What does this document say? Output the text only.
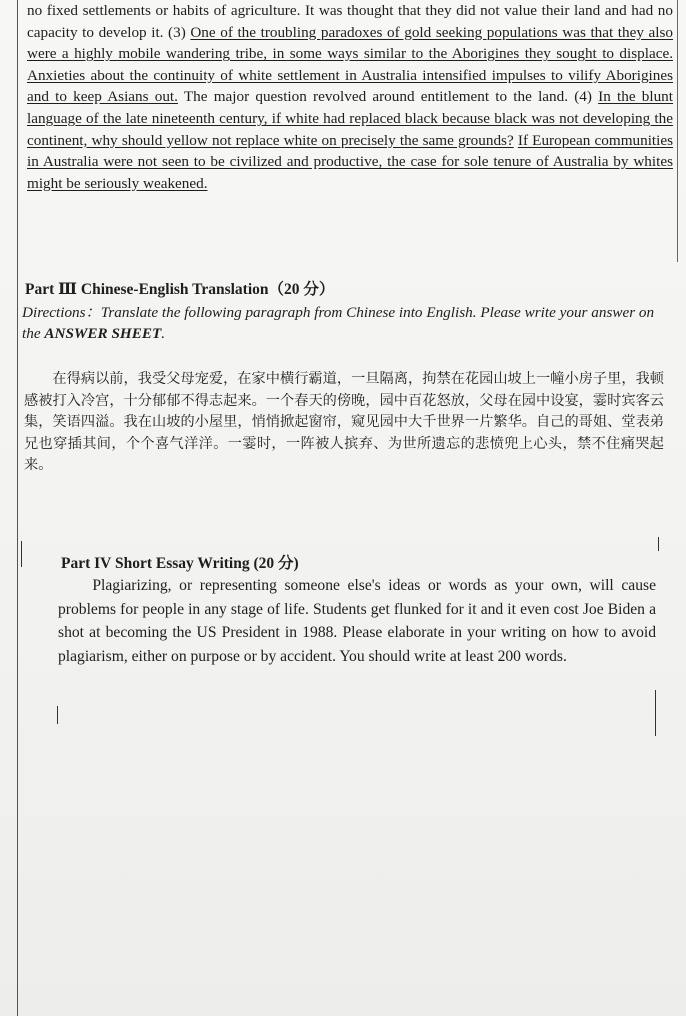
no fixed settlements or habits of agriculture. It was thought that they did not value their land and had no capacity to develop it. (3) One of the troubling paradoxes of gold seeking populations was that they also were a highly mobile wandering tribe, in some ways similar to the Aborigines they sought to displace. Anxieties about the continuity of white settlement in Australia intensified impulses to vilify Aborigines and to keep Asians out. The major question revolved around entitlement to the land. (4) In the blunt language of the late nineteenth century, if white had replaced black because black was not developing the continent, why should yellow not replace white on precisely the same grounds? If European communities in Australia were not seen to be civilized and productive, the case for sole tenure of Australia by whites might be seriously weakened.

Part Ⅲ Chinese-English Translation（20 分）

Directions：Translate the following paragraph from Chinese into English. Please write your answer on the ANSWER SHEET.

在得病以前，我受父母宠爱，在家中横行霸道，一旦隔离，拘禁在花园山坡上一幢小房子里，我顿感被打入冷宫，十分郁郁不得志起来。一个春天的傍晚，园中百花怒放，父母在园中设宴，霎时宾客云集，笑语四溢。我在山坡的小屋里，悄悄掀起窗帘，窥见园中大千世界一片繁华。自己的哥姐、堂表弟兄也穿插其间，个个喜气洋洋。一霎时，一阵被人摈弃、为世所遗忘的悲愤兜上心头，禁不住痛哭起来。

Part IV Short Essay Writing (20 分)

Plagiarizing, or representing someone else's ideas or words as your own, will cause problems for people in any stage of life. Students get flunked for it and it even cost Joe Biden a shot at becoming the US President in 1988. Please elaborate in your writing on how to avoid plagiarism, either on purpose or by accident. You should write at least 200 words.
